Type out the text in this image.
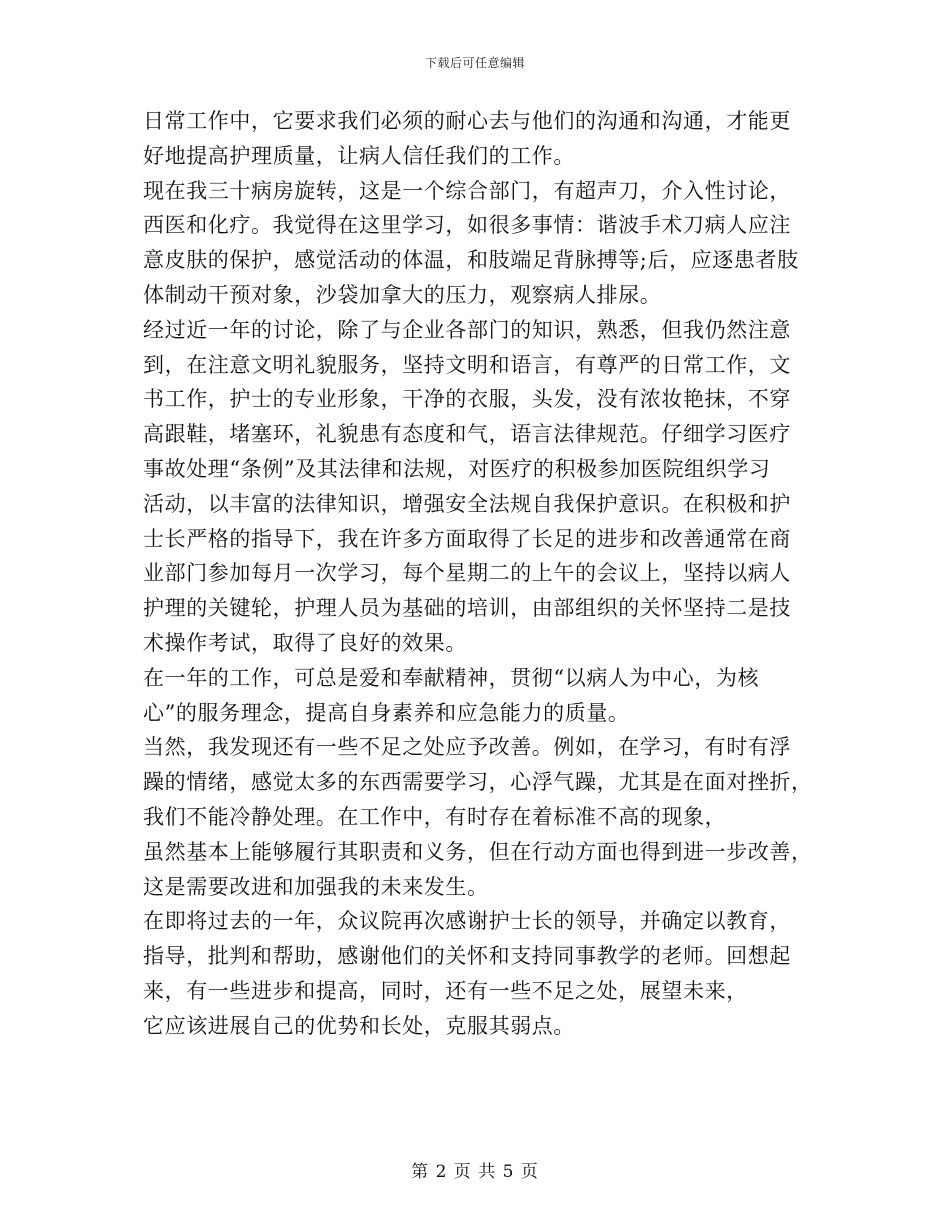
下载后可任意编辑
日常工作中，它要求我们必须的耐心去与他们的沟通和沟通，才能更
好地提高护理质量，让病人信任我们的工作。
现在我三十病房旋转，这是一个综合部门，有超声刀，介入性讨论，
西医和化疗。我觉得在这里学习，如很多事情：谐波手术刀病人应注
意皮肤的保护，感觉活动的体温，和肢端足背脉搏等;后，应逐患者肢
体制动干预对象，沙袋加拿大的压力，观察病人排尿。
经过近一年的讨论，除了与企业各部门的知识，熟悉，但我仍然注意
到，在注意文明礼貌服务，坚持文明和语言，有尊严的日常工作，文
书工作，护士的专业形象，干净的衣服，头发，没有浓妆艳抹，不穿
高跟鞋，堵塞环，礼貌患有态度和气，语言法律规范。仔细学习医疗
事故处理“条例”及其法律和法规，对医疗的积极参加医院组织学习
活动，以丰富的法律知识，增强安全法规自我保护意识。在积极和护
士长严格的指导下，我在许多方面取得了长足的进步和改善通常在商
业部门参加每月一次学习，每个星期二的上午的会议上，坚持以病人
护理的关键轮，护理人员为基础的培训，由部组织的关怀坚持二是技
术操作考试，取得了良好的效果。
在一年的工作，可总是爱和奉献精神，贯彻“以病人为中心，为核
心”的服务理念，提高自身素养和应急能力的质量。
当然，我发现还有一些不足之处应予改善。例如，在学习，有时有浮
躁的情绪，感觉太多的东西需要学习，心浮气躁，尤其是在面对挫折，
我们不能冷静处理。在工作中，有时存在着标准不高的现象，
虽然基本上能够履行其职责和义务，但在行动方面也得到进一步改善，
这是需要改进和加强我的未来发生。
在即将过去的一年，众议院再次感谢护士长的领导，并确定以教育，
指导，批判和帮助，感谢他们的关怀和支持同事教学的老师。回想起
来，有一些进步和提高，同时，还有一些不足之处，展望未来，
它应该进展自己的优势和长处，克服其弱点。
第 2 页 共 5 页
